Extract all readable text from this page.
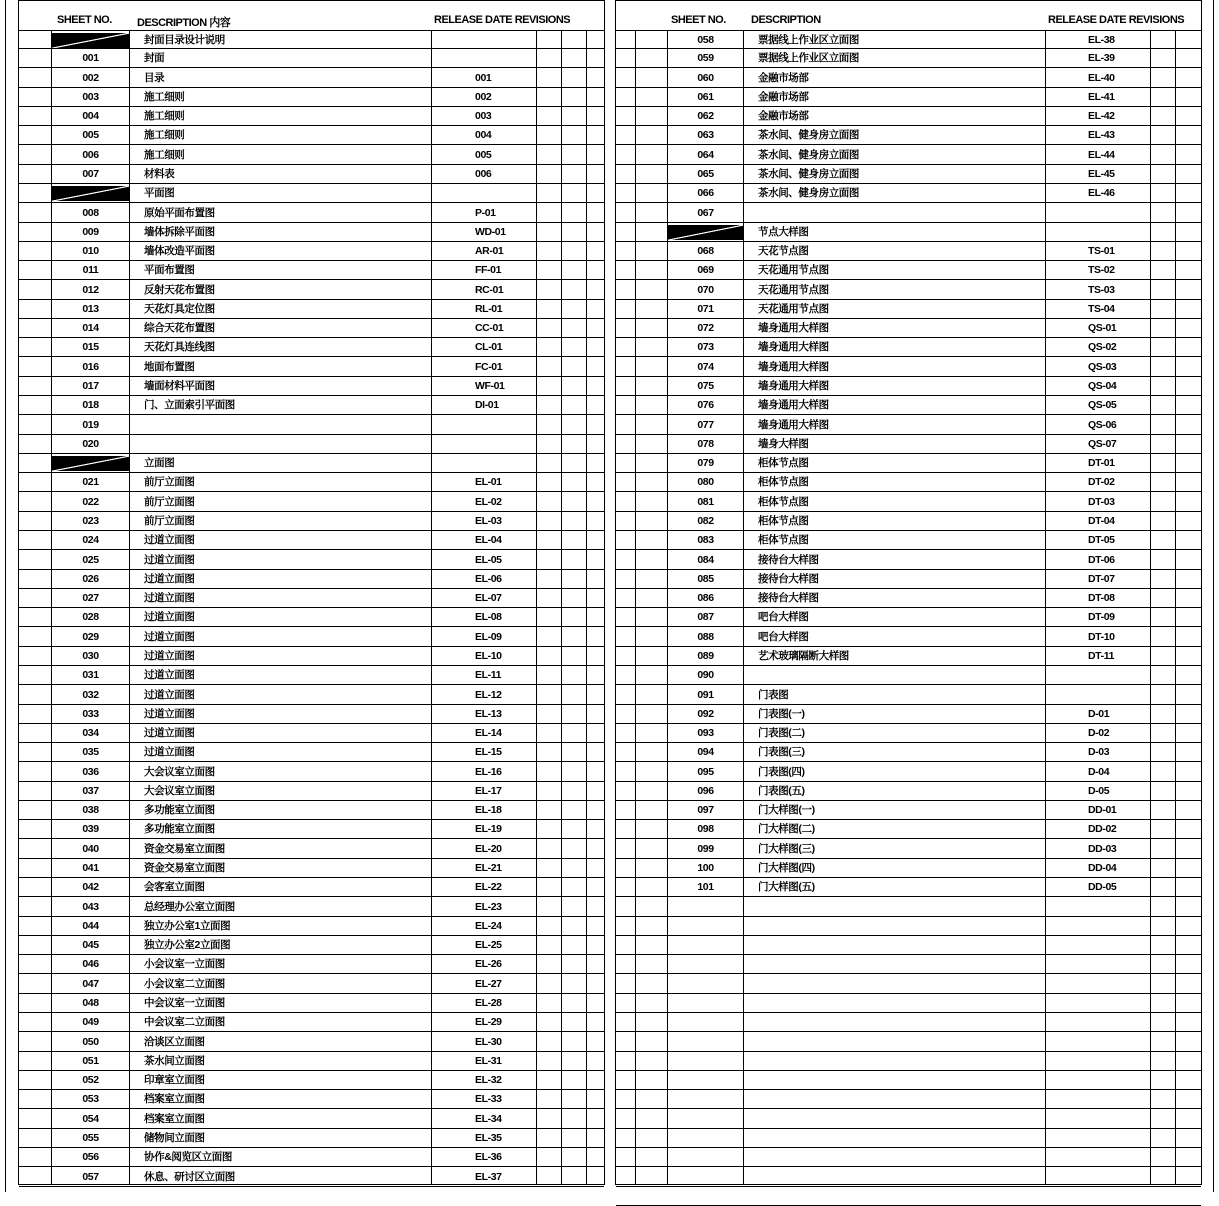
SHEET NO. DESCRIPTION 内容	RELEASE DATE REVISIONS
封面目录设计说明
001	封面
002	目录	001
003	施工细则	002
004	施工细则	003
005	施工细则	004
006	施工细则	005
007	材料表	006
平面图
008	原始平面布置图	P-01
009	墙体拆除平面图	WD-01
010	墙体改造平面图	AR-01
011	平面布置图	FF-01
012	反射天花布置图	RC-01
013	天花灯具定位图	RL-01
014	综合天花布置图	CC-01
015	天花灯具连线图	CL-01
016	地面布置图	FC-01
017	墙面材料平面图	WF-01
018	门、立面索引平面图	DI-01
019
020
立面图
021	前厅立面图	EL-01
022	前厅立面图	EL-02
023	前厅立面图	EL-03
024	过道立面图	EL-04
025	过道立面图	EL-05
026	过道立面图	EL-06
027	过道立面图	EL-07
028	过道立面图	EL-08
029	过道立面图	EL-09
030	过道立面图	EL-10
031	过道立面图	EL-11
032	过道立面图	EL-12
033	过道立面图	EL-13
034	过道立面图	EL-14
035	过道立面图	EL-15
036	大会议室立面图	EL-16
037	大会议室立面图	EL-17
038	多功能室立面图	EL-18
039	多功能室立面图	EL-19
040	资金交易室立面图	EL-20
041	资金交易室立面图	EL-21
042	会客室立面图	EL-22
043	总经理办公室立面图	EL-23
044	独立办公室1立面图	EL-24
045	独立办公室2立面图	EL-25
046	小会议室一立面图	EL-26
047	小会议室二立面图	EL-27
048	中会议室一立面图	EL-28
049	中会议室二立面图	EL-29
050	洽谈区立面图	EL-30
051	茶水间立面图	EL-31
052	印章室立面图	EL-32
053	档案室立面图	EL-33
054	档案室立面图	EL-34
055	储物间立面图	EL-35
056	协作&阅览区立面图	EL-36
057	休息、研讨区立面图	EL-37
SHEET NO. DESCRIPTION	RELEASE DATE REVISIONS
058	票据线上作业区立面图	EL-38
059	票据线上作业区立面图	EL-39
060	金融市场部	EL-40
061	金融市场部	EL-41
062	金融市场部	EL-42
063	茶水间、健身房立面图	EL-43
064	茶水间、健身房立面图	EL-44
065	茶水间、健身房立面图	EL-45
066	茶水间、健身房立面图	EL-46
067
节点大样图
068	天花节点图	TS-01
069	天花通用节点图	TS-02
070	天花通用节点图	TS-03
071	天花通用节点图	TS-04
072	墙身通用大样图	QS-01
073	墙身通用大样图	QS-02
074	墙身通用大样图	QS-03
075	墙身通用大样图	QS-04
076	墙身通用大样图	QS-05
077	墙身通用大样图	QS-06
078	墙身大样图	QS-07
079	柜体节点图	DT-01
080	柜体节点图	DT-02
081	柜体节点图	DT-03
082	柜体节点图	DT-04
083	柜体节点图	DT-05
084	接待台大样图	DT-06
085	接待台大样图	DT-07
086	接待台大样图	DT-08
087	吧台大样图	DT-09
088	吧台大样图	DT-10
089	艺术玻璃隔断大样图	DT-11
090
091	门表图
092	门表图(一)	D-01
093	门表图(二)	D-02
094	门表图(三)	D-03
095	门表图(四)	D-04
096	门表图(五)	D-05
097	门大样图(一)	DD-01
098	门大样图(二)	DD-02
099	门大样图(三)	DD-03
100	门大样图(四)	DD-04
101	门大样图(五)	DD-05
